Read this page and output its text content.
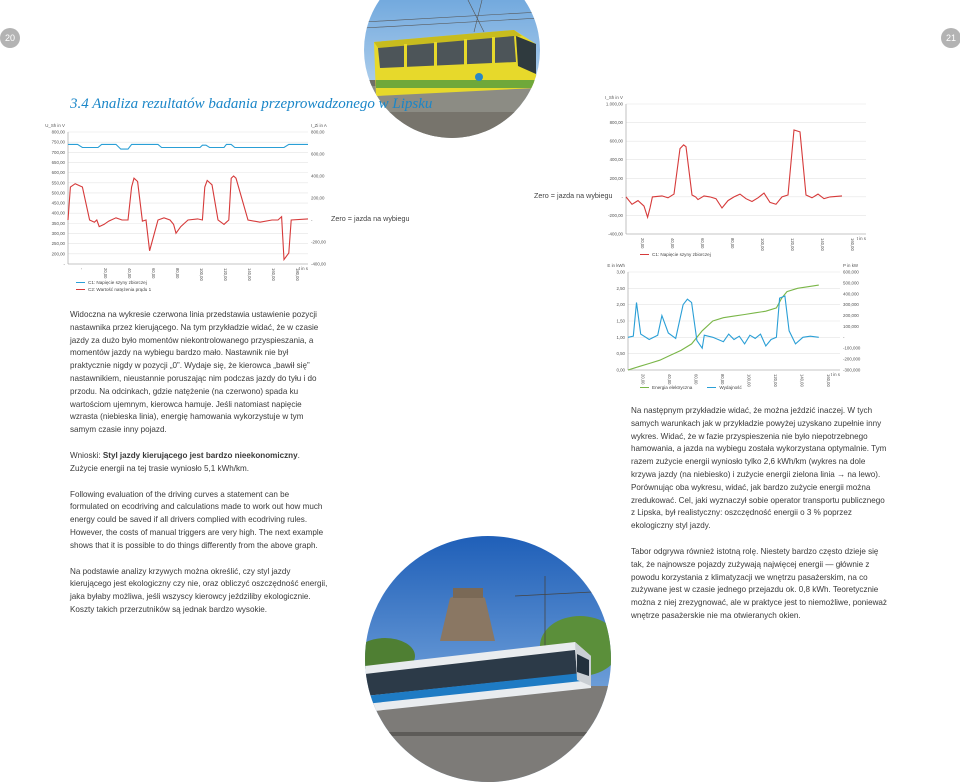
20	21
3.4 Analiza rezultatów badania przeprowadzonego w Lipsku
800,00
750,00
700,00
650,00
600,00
550,00
500,00
450,00
400,00
350,00
300,00
250,00
200,00
-
800,00
600,00
400,00
200,00
-
-200,00
-400,00
I_Zi in A
U_Sh in V
-	20,00	40,00	60,00	80,00	100,00	120,00	140,00	160,00	180,00
t in s
C1: Napięcie szyny zbiorczej
C2: Wartość natężenia prądu 1
Zero = jazda na wybiegu
1.000,00
800,00
600,00
400,00
200,00
-
-200,00
-400,00
I_Sh in V
20,00	40,00	60,00	80,00	100,00	120,00	140,00	160,00 t in s
Zero = jazda na wybiegu
C1: Napięcie szyny zbiorczej
3,00
2,50
2,00
1,50
1,00
0,50
0,00
600,000
500,000
400,000
300,000
200,000
100,000
-
-100,000
-200,000
-300,000
P in kW
E in kWh
20,00	40,00	60,00	80,00	100,00	120,00	140,00	160,00 t in s
Energia elektryczna	Wydajność

Widoczna na wykresie czerwona linia przedstawia ustawienie pozycji nastawnika przez kierującego. Na tym przykładzie widać, że w czasie jazdy za dużo było momentów niekontrolowanego przyspieszania, a momentów jazdy na wybiegu bardzo mało. Nastawnik nie był praktycznie nigdy w pozycji „0”. Wydaje się, że kierowca „bawił się” nastawnikiem, nieustannie poruszając nim podczas jazdy do tyłu i do przodu. Na odcinkach, gdzie natężenie (na czerwono) spada ku wartościom ujemnym, kierowca hamuje. Jeśli natomiast napięcie wzrasta (niebieska linia), energię hamowania wykorzystuje w tym samym czasie inny pojazd.

Wnioski: Styl jazdy kierującego jest bardzo nieekonomiczny.
Zużycie energii na tej trasie wyniosło 5,1 kWh/km.

Following evaluation of the driving curves a statement can be formulated on ecodriving and calculations made to work out how much energy could be saved if all drivers complied with ecodriving rules. However, the costs of manual triggers are very high. The next example shows that it is possible to do things differently from the above graph.

Na podstawie analizy krzywych można określić, czy styl jazdy kierującego jest ekologiczny czy nie, oraz obliczyć oszczędność energii, jaka byłaby możliwa, jeśli wszyscy kierowcy jeździliby ekologicznie. Koszty takich przerzutników są jednak bardzo wysokie.

Na następnym przykładzie widać, że można jeździć inaczej. W tych samych warunkach jak w przykładzie powyżej uzyskano zupełnie inny wykres. Widać, że w fazie przyspieszenia nie było niepotrzebnego hamowania, a jazda na wybiegu została wykorzystana optymalnie. Tym razem zużycie energii wyniosło tylko 2,6 kWh/km (wykres na dole krzywa jazdy (na niebiesko) i zużycie energii zielona linia → na lewo). Porównując oba wykresu, widać, jak bardzo zużycie energii można zredukować. Cel, jaki wyznaczył sobie operator transportu publicznego z Lipska, był realistyczny: oszczędność energii o 3 % poprzez ekologiczny styl jazdy.

Tabor odgrywa również istotną rolę. Niestety bardzo często dzieje się tak, że najnowsze pojazdy zużywają najwięcej energii — głównie z powodu korzystania z klimatyzacji we wnętrzu pasażerskim, na co zużywane jest w czasie jednego przejazdu ok. 0,8 kWh. Teoretycznie można z niej zrezygnować, ale w praktyce jest to niemożliwe, ponieważ wnętrze pasażerskie nie ma otwieranych okien.
